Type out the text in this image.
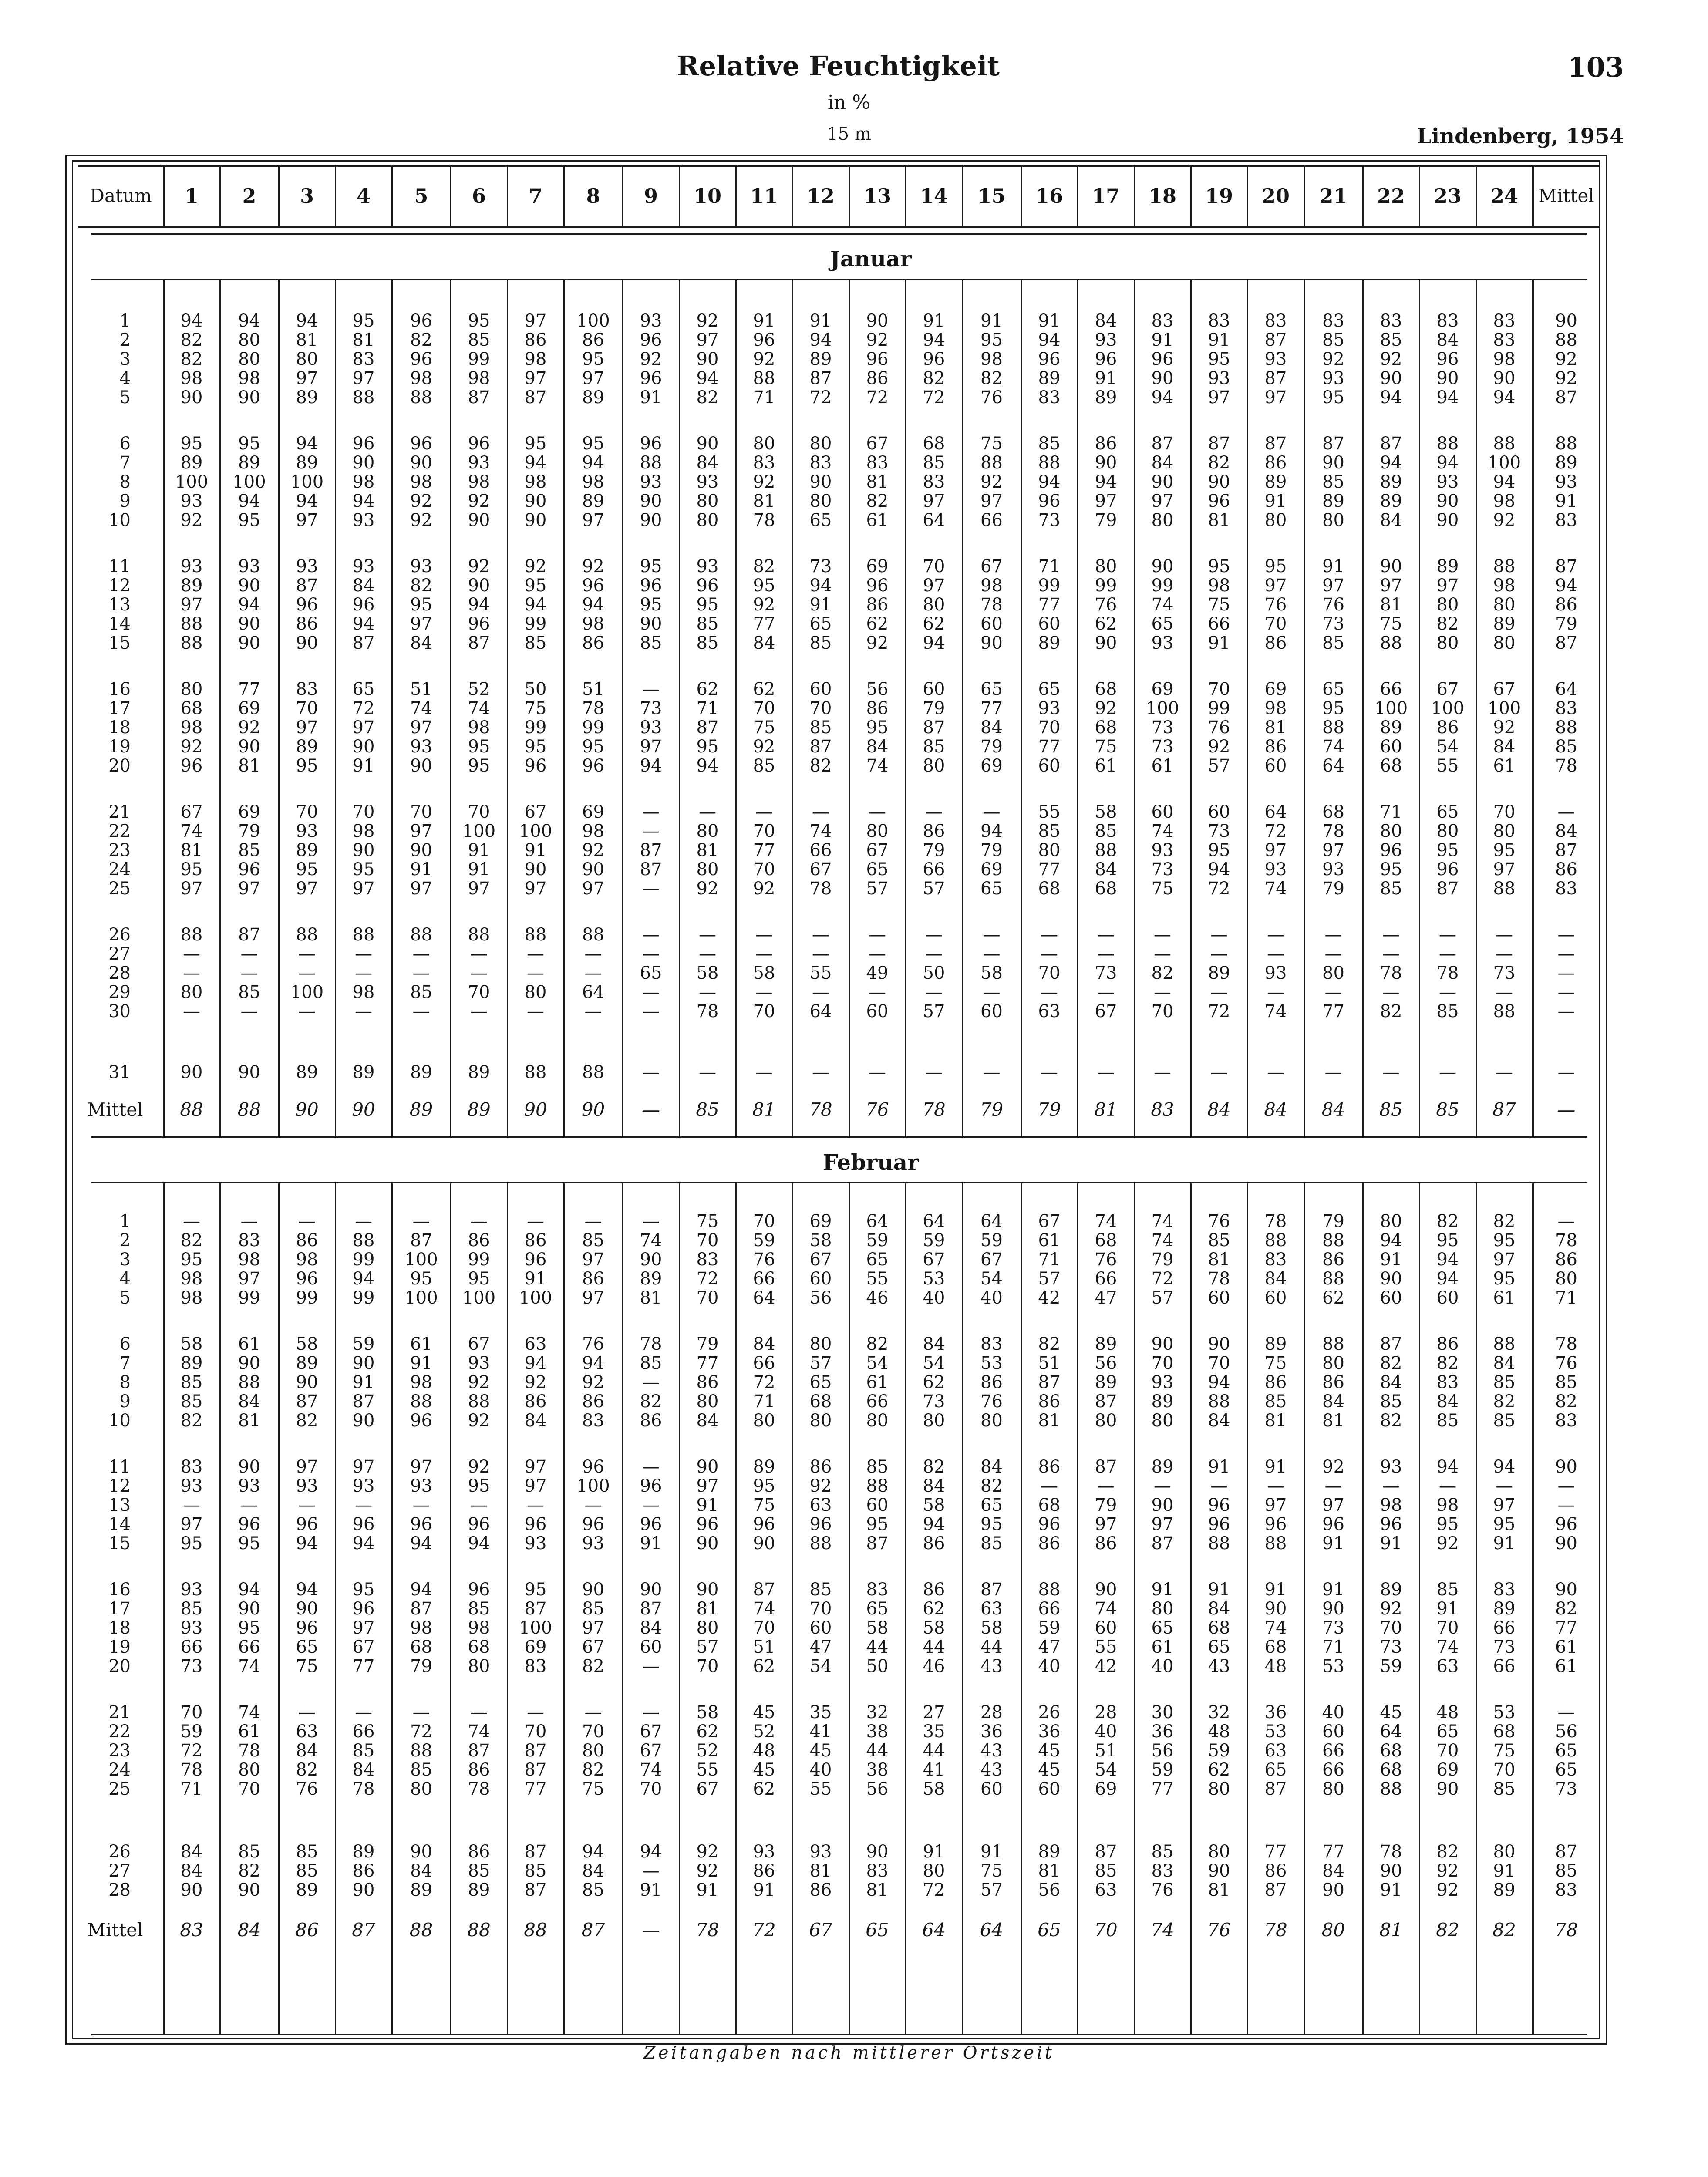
Relative Feuchtigkeit
in %
15 m
103
Lindenberg, 1954
Datum	1	2	3	4	5	6	7	8	9	10	11	12	13	14	15	16	17	18	19	20	21	22	23	24	Mittel
Januar
Februar
1	94	94	94	95	96	95	97	100	93	92	91	91	90	91	91	91	84	83	83	83	83	83	83	83	90
2	82	80	81	81	82	85	86	86	96	97	96	94	92	94	95	94	93	91	91	87	85	85	84	83	88
3	82	80	80	83	96	99	98	95	92	90	92	89	96	96	98	96	96	96	95	93	92	92	96	98	92
4	98	98	97	97	98	98	97	97	96	94	88	87	86	82	82	89	91	90	93	87	93	90	90	90	92
5	90	90	89	88	88	87	87	89	91	82	71	72	72	72	76	83	89	94	97	97	95	94	94	94	87
6	95	95	94	96	96	96	95	95	96	90	80	80	67	68	75	85	86	87	87	87	87	87	88	88	88
7	89	89	89	90	90	93	94	94	88	84	83	83	83	85	88	88	90	84	82	86	90	94	94	100	89
8	100	100	100	98	98	98	98	98	93	93	92	90	81	83	92	94	94	90	90	89	85	89	93	94	93
9	93	94	94	94	92	92	90	89	90	80	81	80	82	97	97	96	97	97	96	91	89	89	90	98	91
10	92	95	97	93	92	90	90	97	90	80	78	65	61	64	66	73	79	80	81	80	80	84	90	92	83
11	93	93	93	93	93	92	92	92	95	93	82	73	69	70	67	71	80	90	95	95	91	90	89	88	87
12	89	90	87	84	82	90	95	96	96	96	95	94	96	97	98	99	99	99	98	97	97	97	97	98	94
13	97	94	96	96	95	94	94	94	95	95	92	91	86	80	78	77	76	74	75	76	76	81	80	80	86
14	88	90	86	94	97	96	99	98	90	85	77	65	62	62	60	60	62	65	66	70	73	75	82	89	79
15	88	90	90	87	84	87	85	86	85	85	84	85	92	94	90	89	90	93	91	86	85	88	80	80	87
16	80	77	83	65	51	52	50	51	—	62	62	60	56	60	65	65	68	69	70	69	65	66	67	67	64
17	68	69	70	72	74	74	75	78	73	71	70	70	86	79	77	93	92	100	99	98	95	100	100	100	83
18	98	92	97	97	97	98	99	99	93	87	75	85	95	87	84	70	68	73	76	81	88	89	86	92	88
19	92	90	89	90	93	95	95	95	97	95	92	87	84	85	79	77	75	73	92	86	74	60	54	84	85
20	96	81	95	91	90	95	96	96	94	94	85	82	74	80	69	60	61	61	57	60	64	68	55	61	78
21	67	69	70	70	70	70	67	69	—	—	—	—	—	—	—	55	58	60	60	64	68	71	65	70	—
22	74	79	93	98	97	100	100	98	—	80	70	74	80	86	94	85	85	74	73	72	78	80	80	80	84
23	81	85	89	90	90	91	91	92	87	81	77	66	67	79	79	80	88	93	95	97	97	96	95	95	87
24	95	96	95	95	91	91	90	90	87	80	70	67	65	66	69	77	84	73	94	93	93	95	96	97	86
25	97	97	97	97	97	97	97	97	—	92	92	78	57	57	65	68	68	75	72	74	79	85	87	88	83
26	88	87	88	88	88	88	88	88	—	—	—	—	—	—	—	—	—	—	—	—	—	—	—	—	—
27	—	—	—	—	—	—	—	—	—	—	—	—	—	—	—	—	—	—	—	—	—	—	—	—	—
28	—	—	—	—	—	—	—	—	65	58	58	55	49	50	58	70	73	82	89	93	80	78	78	73	—
29	80	85	100	98	85	70	80	64	—	—	—	—	—	—	—	—	—	—	—	—	—	—	—	—	—
30	—	—	—	—	—	—	—	—	—	78	70	64	60	57	60	63	67	70	72	74	77	82	85	88	—
31	90	90	89	89	89	89	88	88	—	—	—	—	—	—	—	—	—	—	—	—	—	—	—	—	—
Mittel	88	88	90	90	89	89	90	90	—	85	81	78	76	78	79	79	81	83	84	84	84	85	85	87	—
1	—	—	—	—	—	—	—	—	—	75	70	69	64	64	64	67	74	74	76	78	79	80	82	82	—
2	82	83	86	88	87	86	86	85	74	70	59	58	59	59	59	61	68	74	85	88	88	94	95	95	78
3	95	98	98	99	100	99	96	97	90	83	76	67	65	67	67	71	76	79	81	83	86	91	94	97	86
4	98	97	96	94	95	95	91	86	89	72	66	60	55	53	54	57	66	72	78	84	88	90	94	95	80
5	98	99	99	99	100	100	100	97	81	70	64	56	46	40	40	42	47	57	60	60	62	60	60	61	71
6	58	61	58	59	61	67	63	76	78	79	84	80	82	84	83	82	89	90	90	89	88	87	86	88	78
7	89	90	89	90	91	93	94	94	85	77	66	57	54	54	53	51	56	70	70	75	80	82	82	84	76
8	85	88	90	91	98	92	92	92	—	86	72	65	61	62	86	87	89	93	94	86	86	84	83	85	85
9	85	84	87	87	88	88	86	86	82	80	71	68	66	73	76	86	87	89	88	85	84	85	84	82	82
10	82	81	82	90	96	92	84	83	86	84	80	80	80	80	80	81	80	80	84	81	81	82	85	85	83
11	83	90	97	97	97	92	97	96	—	90	89	86	85	82	84	86	87	89	91	91	92	93	94	94	90
12	93	93	93	93	93	95	97	100	96	97	95	92	88	84	82	—	—	—	—	—	—	—	—	—	—
13	—	—	—	—	—	—	—	—	—	91	75	63	60	58	65	68	79	90	96	97	97	98	98	97	—
14	97	96	96	96	96	96	96	96	96	96	96	96	95	94	95	96	97	97	96	96	96	96	95	95	96
15	95	95	94	94	94	94	93	93	91	90	90	88	87	86	85	86	86	87	88	88	91	91	92	91	90
16	93	94	94	95	94	96	95	90	90	90	87	85	83	86	87	88	90	91	91	91	91	89	85	83	90
17	85	90	90	96	87	85	87	85	87	81	74	70	65	62	63	66	74	80	84	90	90	92	91	89	82
18	93	95	96	97	98	98	100	97	84	80	70	60	58	58	58	59	60	65	68	74	73	70	70	66	77
19	66	66	65	67	68	68	69	67	60	57	51	47	44	44	44	47	55	61	65	68	71	73	74	73	61
20	73	74	75	77	79	80	83	82	—	70	62	54	50	46	43	40	42	40	43	48	53	59	63	66	61
21	70	74	—	—	—	—	—	—	—	58	45	35	32	27	28	26	28	30	32	36	40	45	48	53	—
22	59	61	63	66	72	74	70	70	67	62	52	41	38	35	36	36	40	36	48	53	60	64	65	68	56
23	72	78	84	85	88	87	87	80	67	52	48	45	44	44	43	45	51	56	59	63	66	68	70	75	65
24	78	80	82	84	85	86	87	82	74	55	45	40	38	41	43	45	54	59	62	65	66	68	69	70	65
25	71	70	76	78	80	78	77	75	70	67	62	55	56	58	60	60	69	77	80	87	80	88	90	85	73
26	84	85	85	89	90	86	87	94	94	92	93	93	90	91	91	89	87	85	80	77	77	78	82	80	87
27	84	82	85	86	84	85	85	84	—	92	86	81	83	80	75	81	85	83	90	86	84	90	92	91	85
28	90	90	89	90	89	89	87	85	91	91	91	86	81	72	57	56	63	76	81	87	90	91	92	89	83
Mittel	83	84	86	87	88	88	88	87	—	78	72	67	65	64	64	65	70	74	76	78	80	81	82	82	78
Zeitangaben nach mittlerer Ortszeit
